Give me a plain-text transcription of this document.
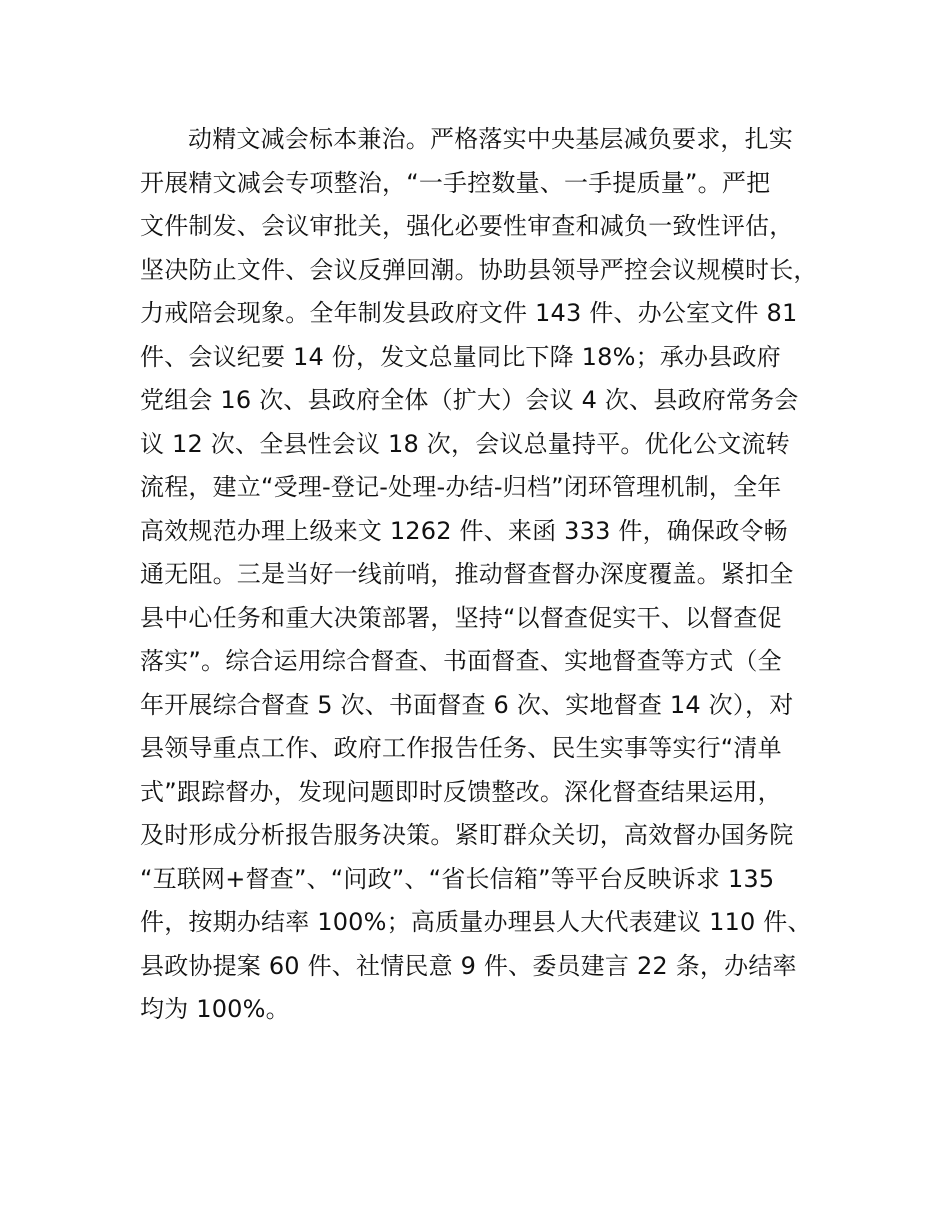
动精文减会标本兼治。严格落实中央基层减负要求，扎实
开展精文减会专项整治，“一手控数量、一手提质量”。严把
文件制发、会议审批关，强化必要性审查和减负一致性评估，
坚决防止文件、会议反弹回潮。协助县领导严控会议规模时长，
力戒陪会现象。全年制发县政府文件 143 件、办公室文件 81
件、会议纪要 14 份，发文总量同比下降 18%；承办县政府
党组会 16 次、县政府全体（扩大）会议 4 次、县政府常务会
议 12 次、全县性会议 18 次，会议总量持平。优化公文流转
流程，建立“受理-登记-处理-办结-归档”闭环管理机制，全年
高效规范办理上级来文 1262 件、来函 333 件，确保政令畅
通无阻。三是当好一线前哨，推动督查督办深度覆盖。紧扣全
县中心任务和重大决策部署，坚持“以督查促实干、以督查促
落实”。综合运用综合督查、书面督查、实地督查等方式（全
年开展综合督查 5 次、书面督查 6 次、实地督查 14 次），对
县领导重点工作、政府工作报告任务、民生实事等实行“清单
式”跟踪督办，发现问题即时反馈整改。深化督查结果运用，
及时形成分析报告服务决策。紧盯群众关切，高效督办国务院
“互联网+督查”、“问政”、“省长信箱”等平台反映诉求 135
件，按期办结率 100%；高质量办理县人大代表建议 110 件、
县政协提案 60 件、社情民意 9 件、委员建言 22 条，办结率
均为 100%。
